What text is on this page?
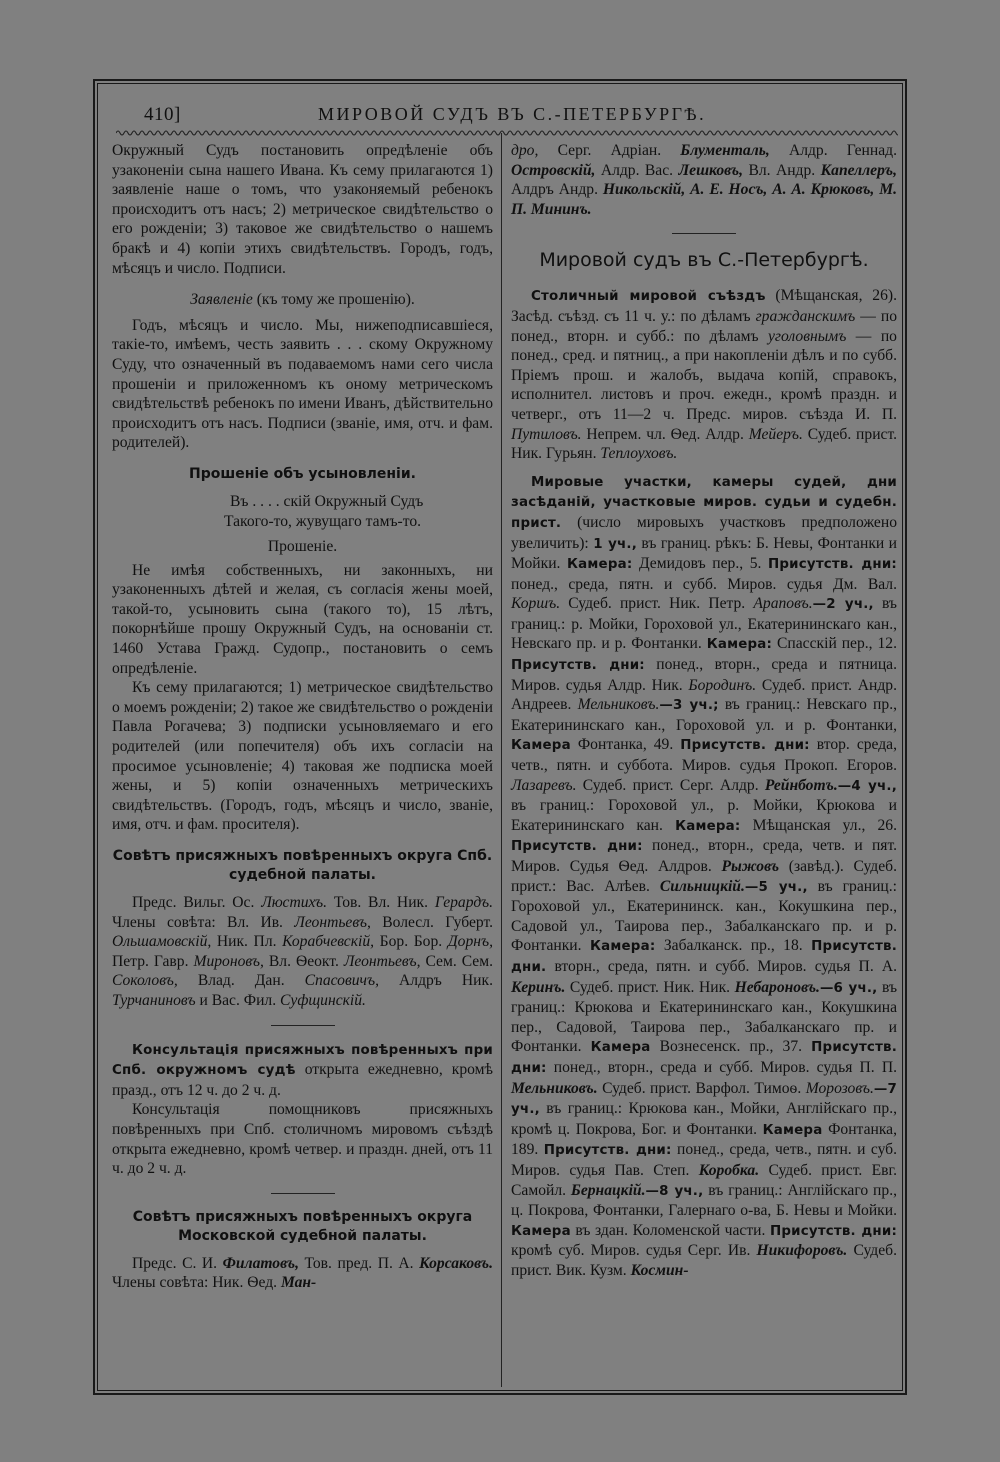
410]	МИРОВОЙ СУДЪ ВЪ С.-ПЕТЕРБУРГѢ.

Окружный Судъ постановить опредѣленіе объ узаконеніи сына нашего Ивана. Къ сему прилагаются 1) заявленіе наше о томъ, что узаконяемый ребенокъ происходитъ отъ насъ; 2) метрическое свидѣтельство о его рожденіи; 3) таковое же свидѣтельство о нашемъ бракѣ и 4) копіи этихъ свидѣтельствъ. Городъ, годъ, мѣсяцъ и число. Подписи.

Заявленіе (къ тому же прошенію).

Годъ, мѣсяцъ и число. Мы, нижеподписавшіеся, такіе-то, имѣемъ, честь заявить . . . скому Окружному Суду, что означенный въ подаваемомъ нами сего числа прошеніи и приложенномъ къ оному метрическомъ свидѣтельствѣ ребенокъ по имени Иванъ, дѣйствительно происходитъ отъ насъ. Подписи (званіе, имя, отч. и фам. родителей).

Прошеніе объ усыновленіи.

Въ . . . . скій Окружный Судъ

Такого-то, жувущаго тамъ-то.

Прошеніе.

Не имѣя собственныхъ, ни законныхъ, ни узаконенныхъ дѣтей и желая, съ согласія жены моей, такой-то, усыновить сына (такого то), 15 лѣтъ, покорнѣйше прошу Окружный Судъ, на основаніи ст. 1460 Устава Гражд. Судопр., постановить о семъ опредѣленіе.

Къ сему прилагаются; 1) метрическое свидѣтельство о моемъ рожденіи; 2) такое же свидѣтельство о рожденіи Павла Рогачева; 3) подписки усыновляемаго и его родителей (или попечителя) объ ихъ согласіи на просимое усыновленіе; 4) таковая же подписка моей жены, и 5) копіи означенныхъ метрическихъ свидѣтельствъ. (Городъ, годъ, мѣсяцъ и число, званіе, имя, отч. и фам. просителя).

Совѣтъ присяжныхъ повѣренныхъ округа Спб. судебной палаты.

Предс. Вильг. Ос. Люстихъ. Тов. Вл. Ник. Герардъ. Члены совѣта: Вл. Ив. Леонтьевъ, Волесл. Губерт. Ольшамовскій, Ник. Пл. Корабчевскій, Бор. Бор. Дорнъ, Петр. Гавр. Мироновъ, Вл. Ѳеокт. Леонтьевъ, Сем. Сем. Соколовъ, Влад. Дан. Спасовичъ, Алдръ Ник. Турчаниновъ и Вас. Фил. Суфщинскій.

Консультація присяжныхъ повѣренныхъ при Спб. окружномъ судѣ открыта ежедневно, кромѣ празд., отъ 12 ч. до 2 ч. д.

Консультація помощниковъ присяжныхъ повѣренныхъ при Спб. столичномъ мировомъ съѣздѣ открыта ежедневно, кромѣ четвер. и праздн. дней, отъ 11 ч. до 2 ч. д.

Совѣтъ присяжныхъ повѣренныхъ округа Московской судебной палаты.

Предс. С. И. Филатовъ, Тов. пред. П. А. Корсаковъ. Члены совѣта: Ник. Ѳед. Ман-

дро, Серг. Адріан. Блументаль, Алдр. Геннад. Островскій, Алдр. Вас. Лешковъ, Вл. Андр. Капеллеръ, Алдръ Андр. Никольскій, А. Е. Носъ, А. А. Крюковъ, М. П. Мининъ.

Мировой судъ въ С.-Петербургѣ.

Столичный мировой съѣздъ (Мѣщанская, 26). Засѣд. съѣзд. съ 11 ч. у.: по дѣламъ гражданскимъ — по понед., вторн. и субб.: по дѣламъ уголовнымъ — по понед., сред. и пятниц., а при накопленіи дѣлъ и по субб. Пріемъ прош. и жалобъ, выдача копій, справокъ, исполнител. листовъ и проч. ежедн., кромѣ праздн. и четверг., отъ 11—2 ч. Предс. миров. съѣзда И. П. Путиловъ. Непрем. чл. Ѳед. Алдр. Мейеръ. Судеб. прист. Ник. Гурьян. Теплоуховъ.

Мировые участки, камеры судей, дни засѣданій, участковые миров. судьи и судебн. прист. (число мировыхъ участковъ предположено увеличить): 1 уч., въ границ. рѣкъ: Б. Невы, Фонтанки и Мойки. Камера: Демидовъ пер., 5. Присутств. дни: понед., среда, пятн. и субб. Миров. судья Дм. Вал. Коршъ. Судеб. прист. Ник. Петр. Араповъ.—2 уч., въ границ.: р. Мойки, Гороховой ул., Екатерининскаго кан., Невскаго пр. и р. Фонтанки. Камера: Спасскій пер., 12. Присутств. дни: понед., вторн., среда и пятница. Миров. судья Алдр. Ник. Бородинъ. Судеб. прист. Андр. Андреев. Мельниковъ.—3 уч.; въ границ.: Невскаго пр., Екатерининскаго кан., Гороховой ул. и р. Фонтанки, Камера Фонтанка, 49. Присутств. дни: втор. среда, четв., пятн. и суббота. Миров. судья Прокоп. Егоров. Лазаревъ. Судеб. прист. Серг. Алдр. Рейнботъ.—4 уч., въ границ.: Гороховой ул., р. Мойки, Крюкова и Екатерининскаго кан. Камера: Мѣщанская ул., 26. Присутств. дни: понед., вторн., среда, четв. и пят. Миров. Судья Ѳед. Алдров. Рыжовъ (завѣд.). Судеб. прист.: Вас. Алѣев. Сильницкій.—5 уч., въ границ.: Гороховой ул., Екатерининск. кан., Кокушкина пер., Садовой ул., Таирова пер., Забалканскаго пр. и р. Фонтанки. Камера: Забалканск. пр., 18. Присутств. дни. вторн., среда, пятн. и субб. Миров. судья П. А. Керинъ. Судеб. прист. Ник. Ник. Небароновъ.—6 уч., въ границ.: Крюкова и Екатерининскаго кан., Кокушкина пер., Садовой, Таирова пер., Забалканскаго пр. и Фонтанки. Камера Вознесенск. пр., 37. Присутств. дни: понед., вторн., среда и субб. Миров. судья П. П. Мельниковъ. Судеб. прист. Варфол. Тимоѳ. Морозовъ.—7 уч., въ границ.: Крюкова кан., Мойки, Англійскаго пр., кромѣ ц. Покрова, Бог. и Фонтанки. Камера Фонтанка, 189. Присутств. дни: понед., среда, четв., пятн. и суб. Миров. судья Пав. Степ. Коробка. Судеб. прист. Евг. Самойл. Бернацкій.—8 уч., въ границ.: Англійскаго пр., ц. Покрова, Фонтанки, Галернаго о-ва, Б. Невы и Мойки. Камера въ здан. Коломенской части. Присутств. дни: кромѣ суб. Миров. судья Серг. Ив. Никифоровъ. Судеб. прист. Вик. Кузм. Космин-
